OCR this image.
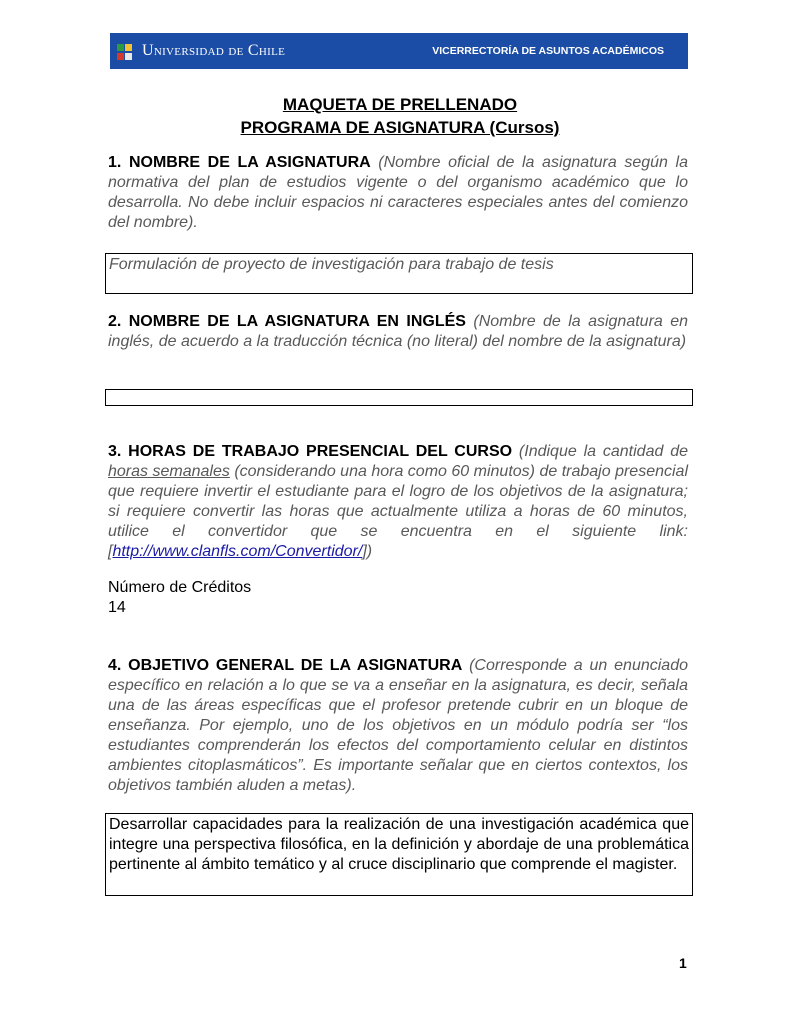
Universidad de Chile	VICERRECTORÍA DE ASUNTOS ACADÉMICOS
MAQUETA DE PRELLENADO
PROGRAMA DE ASIGNATURA (Cursos)
1. NOMBRE DE LA ASIGNATURA (Nombre oficial de la asignatura según la normativa del plan de estudios vigente o del organismo académico que lo desarrolla. No debe incluir espacios ni caracteres especiales antes del comienzo del nombre).
Formulación de proyecto de investigación para trabajo de tesis
2. NOMBRE DE LA ASIGNATURA EN INGLÉS (Nombre de la asignatura en inglés, de acuerdo a la traducción técnica (no literal) del nombre de la asignatura)
3. HORAS DE TRABAJO PRESENCIAL DEL CURSO (Indique la cantidad de horas semanales (considerando una hora como 60 minutos) de trabajo presencial que requiere invertir el estudiante para el logro de los objetivos de la asignatura; si requiere convertir las horas que actualmente utiliza a horas de 60 minutos, utilice el convertidor que se encuentra en el siguiente link: [http://www.clanfls.com/Convertidor/])
Número de Créditos
14
4. OBJETIVO GENERAL DE LA ASIGNATURA (Corresponde a un enunciado específico en relación a lo que se va a enseñar en la asignatura, es decir, señala una de las áreas específicas que el profesor pretende cubrir en un bloque de enseñanza. Por ejemplo, uno de los objetivos en un módulo podría ser “los estudiantes comprenderán los efectos del comportamiento celular en distintos ambientes citoplasmáticos”. Es importante señalar que en ciertos contextos, los objetivos también aluden a metas).
Desarrollar capacidades para la realización de una investigación académica que integre una perspectiva filosófica, en la definición y abordaje de una problemática pertinente al ámbito temático y al cruce disciplinario que comprende el magister.
1
